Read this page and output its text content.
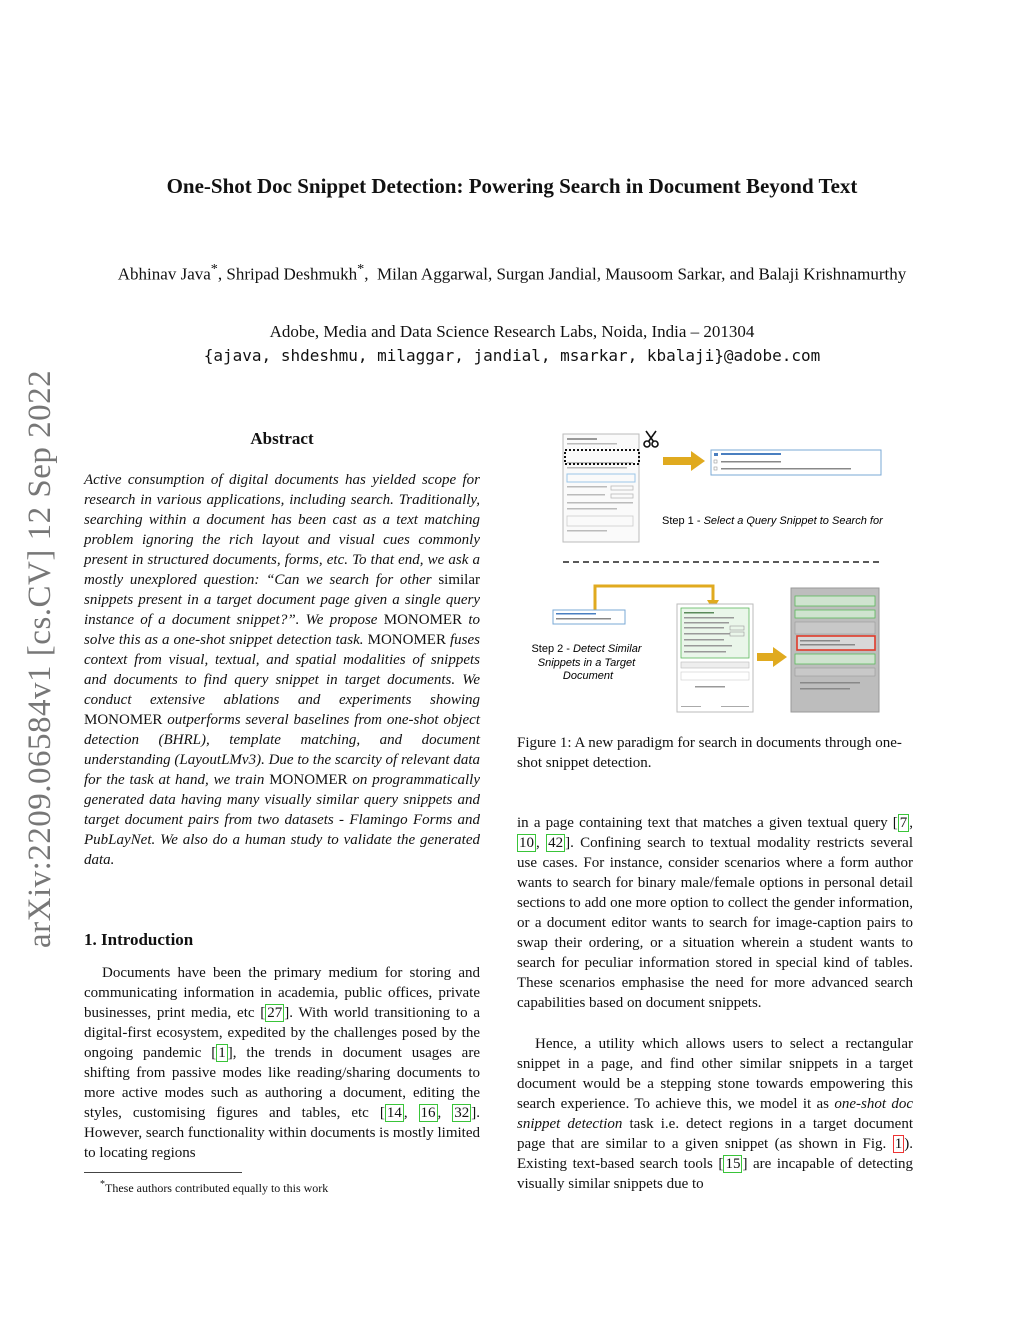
arXiv:2209.06584v1 [cs.CV] 12 Sep 2022
One-Shot Doc Snippet Detection: Powering Search in Document Beyond Text
Abhinav Java*, Shripad Deshmukh*,  Milan Aggarwal, Surgan Jandial, Mausoom Sarkar, and Balaji Krishnamurthy
Adobe, Media and Data Science Research Labs, Noida, India – 201304
{ajava, shdeshmu, milaggar, jandial, msarkar, kbalaji}@adobe.com
Abstract
Active consumption of digital documents has yielded scope for research in various applications, including search. Traditionally, searching within a document has been cast as a text matching problem ignoring the rich layout and visual cues commonly present in structured documents, forms, etc. To that end, we ask a mostly unexplored question: “Can we search for other similar snippets present in a target document page given a single query instance of a document snippet?”. We propose MONOMER to solve this as a one-shot snippet detection task. MONOMER fuses context from visual, textual, and spatial modalities of snippets and documents to find query snippet in target documents. We conduct extensive ablations and experiments showing MONOMER outperforms several baselines from one-shot object detection (BHRL), template matching, and document understanding (LayoutLMv3). Due to the scarcity of relevant data for the task at hand, we train MONOMER on programmatically generated data having many visually similar query snippets and target document pairs from two datasets - Flamingo Forms and PubLayNet. We also do a human study to validate the generated data.
1. Introduction
Documents have been the primary medium for storing and communicating information in academia, public offices, private businesses, print media, etc [ 27 ]. With world transitioning to a digital-first ecosystem, expedited by the challenges posed by the ongoing pandemic [ 1 ], the trends in document usages are shifting from passive modes like reading/sharing documents to more active modes such as authoring a document, editing the styles, customising figures and tables, etc [ 14 , 16 , 32 ]. However, search functionality within documents is mostly limited to locating regions
*These authors contributed equally to this work
Step 1 - Select a Query Snippet to Search for
Step 2 - Detect Similar Snippets in a Target Document
Figure 1: A new paradigm for search in documents through one-shot snippet detection.
in a page containing text that matches a given textual query [ 7 , 10 , 42 ]. Confining search to textual modality restricts several use cases. For instance, consider scenarios where a form author wants to search for binary male/female options in personal detail sections to add one more option to collect the gender information, or a document editor wants to search for image-caption pairs to swap their ordering, or a situation wherein a student wants to search for peculiar information stored in special kind of tables. These scenarios emphasise the need for more advanced search capabilities based on document snippets.
Hence, a utility which allows users to select a rectangular snippet in a page, and find other similar snippets in a target document would be a stepping stone towards empowering this search experience. To achieve this, we model it as one-shot doc snippet detection task i.e. detect regions in a target document page that are similar to a given snippet (as shown in Fig. 1 ). Existing text-based search tools [ 15 ] are incapable of detecting visually similar snippets due to
